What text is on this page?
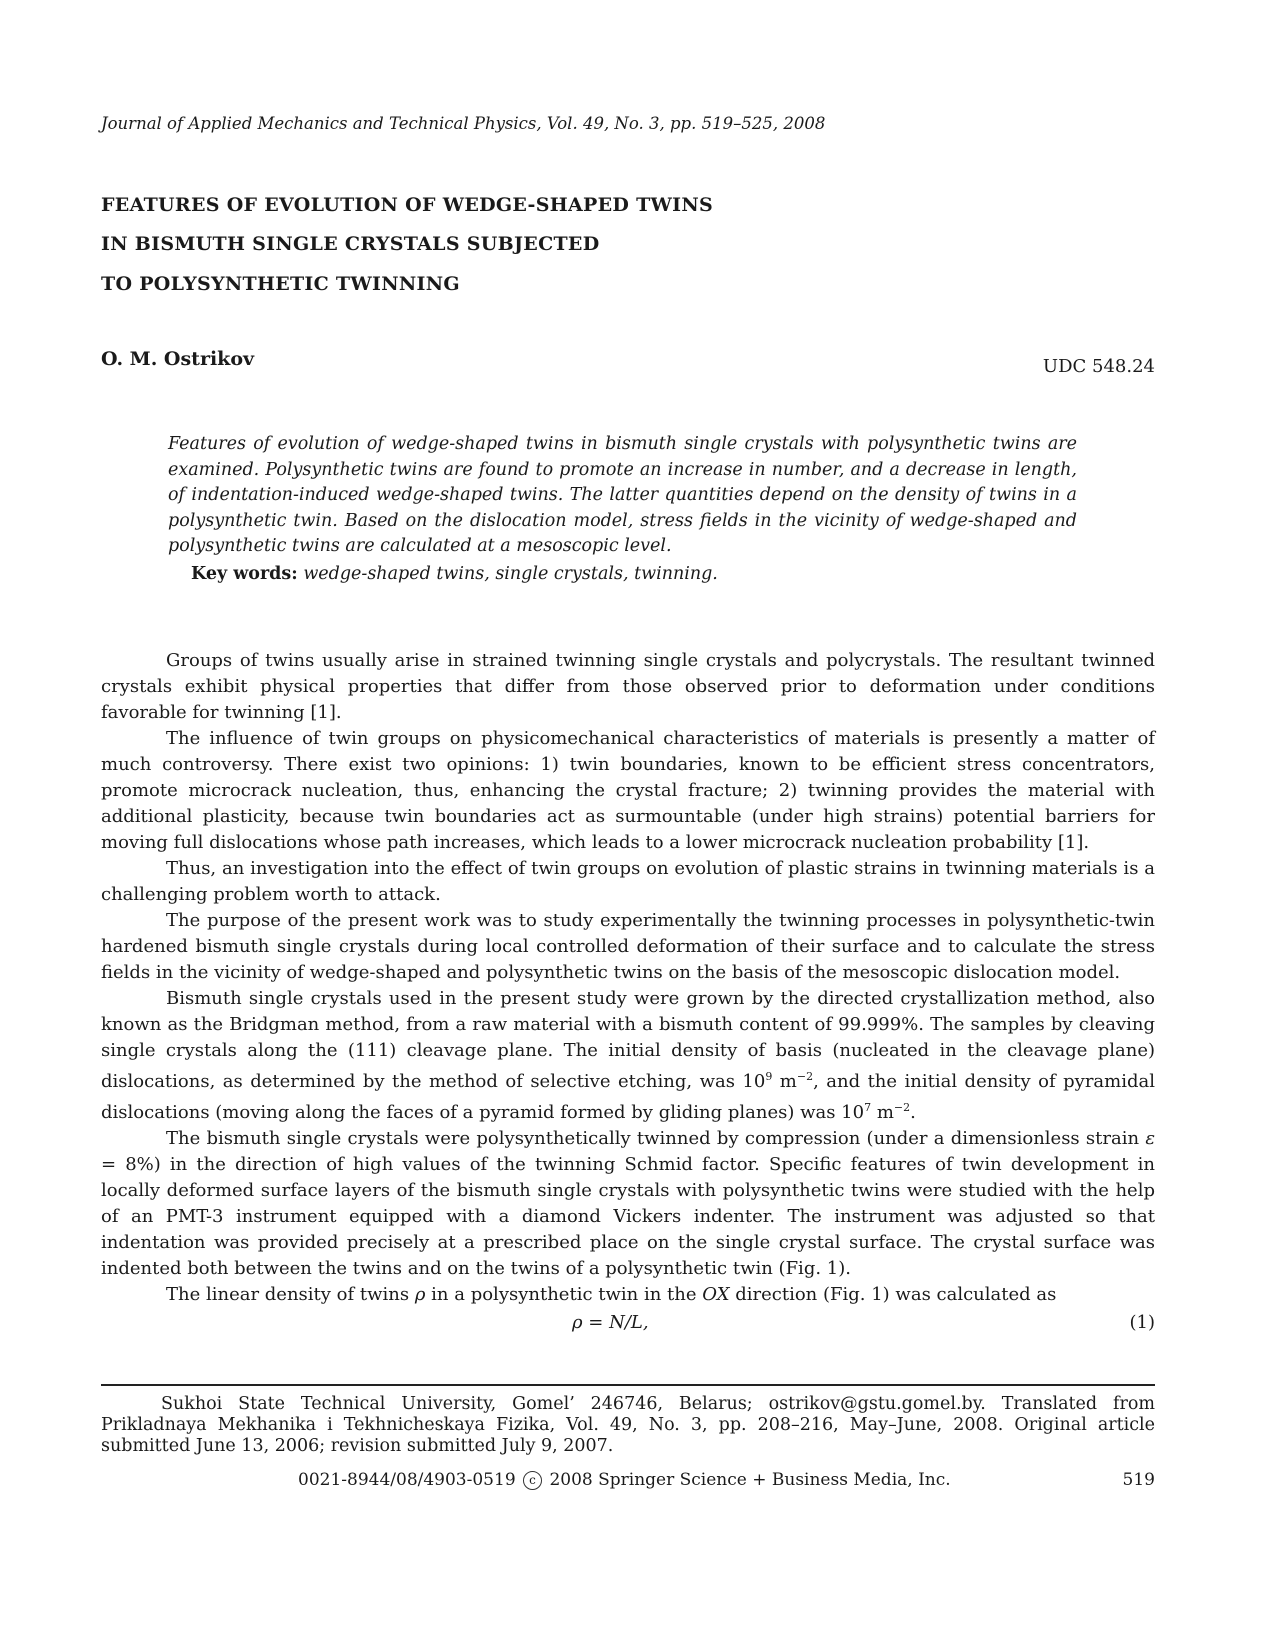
Journal of Applied Mechanics and Technical Physics, Vol. 49, No. 3, pp. 519–525, 2008
FEATURES OF EVOLUTION OF WEDGE-SHAPED TWINS
IN BISMUTH SINGLE CRYSTALS SUBJECTED
TO POLYSYNTHETIC TWINNING
O. M. Ostrikov	UDC 548.24
Features of evolution of wedge-shaped twins in bismuth single crystals with polysynthetic twins are examined. Polysynthetic twins are found to promote an increase in number, and a decrease in length, of indentation-induced wedge-shaped twins. The latter quantities depend on the density of twins in a polysynthetic twin. Based on the dislocation model, stress fields in the vicinity of wedge-shaped and polysynthetic twins are calculated at a mesoscopic level.
Key words: wedge-shaped twins, single crystals, twinning.

Groups of twins usually arise in strained twinning single crystals and polycrystals. The resultant twinned crystals exhibit physical properties that differ from those observed prior to deformation under conditions favorable for twinning [1].

The influence of twin groups on physicomechanical characteristics of materials is presently a matter of much controversy. There exist two opinions: 1) twin boundaries, known to be efficient stress concentrators, promote microcrack nucleation, thus, enhancing the crystal fracture; 2) twinning provides the material with additional plasticity, because twin boundaries act as surmountable (under high strains) potential barriers for moving full dislocations whose path increases, which leads to a lower microcrack nucleation probability [1].

Thus, an investigation into the effect of twin groups on evolution of plastic strains in twinning materials is a challenging problem worth to attack.

The purpose of the present work was to study experimentally the twinning processes in polysynthetic-twin hardened bismuth single crystals during local controlled deformation of their surface and to calculate the stress fields in the vicinity of wedge-shaped and polysynthetic twins on the basis of the mesoscopic dislocation model.

Bismuth single crystals used in the present study were grown by the directed crystallization method, also known as the Bridgman method, from a raw material with a bismuth content of 99.999%. The samples by cleaving single crystals along the (111) cleavage plane. The initial density of basis (nucleated in the cleavage plane) dislocations, as determined by the method of selective etching, was $10^9$ $m^{-2}$, and the initial density of pyramidal dislocations (moving along the faces of a pyramid formed by gliding planes) was $10^7$ $m^{-2}$.

The bismuth single crystals were polysynthetically twinned by compression (under a dimensionless strain ε = 8%) in the direction of high values of the twinning Schmid factor. Specific features of twin development in locally deformed surface layers of the bismuth single crystals with polysynthetic twins were studied with the help of an PMT-3 instrument equipped with a diamond Vickers indenter. The instrument was adjusted so that indentation was provided precisely at a prescribed place on the single crystal surface. The crystal surface was indented both between the twins and on the twins of a polysynthetic twin (Fig. 1).

The linear density of twins ρ in a polysynthetic twin in the OX direction (Fig. 1) was calculated as

ρ = N/L,	(1)

Sukhoi State Technical University, Gomel’ 246746, Belarus; ostrikov@gstu.gomel.by. Translated from Prikladnaya Mekhanika i Tekhnicheskaya Fizika, Vol. 49, No. 3, pp. 208–216, May–June, 2008. Original article submitted June 13, 2006; revision submitted July 9, 2007.

0021-8944/08/4903-0519 c 2008 Springer Science + Business Media, Inc.	519
